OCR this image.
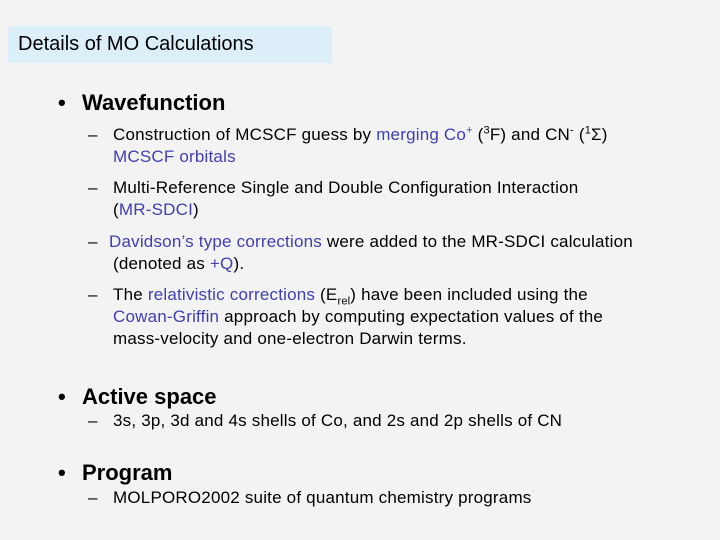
Details of MO Calculations
• Wavefunction
– Construction of MCSCF guess by merging Co+ ($^3$F) and CN- ($^1$Σ)
MCSCF orbitals
– Multi-Reference Single and Double Configuration Interaction
(MR-SDCI)
– Davidson’s type corrections were added to the MR-SDCI calculation
(denoted as +Q).
– The relativistic corrections $(E_{rel})$ have been included using the
Cowan-Griffin approach by computing expectation values of the
mass-velocity and one-electron Darwin terms.
• Active space
– 3s, 3p, 3d and 4s shells of Co, and 2s and 2p shells of CN
• Program
– MOLPORO2002 suite of quantum chemistry programs
